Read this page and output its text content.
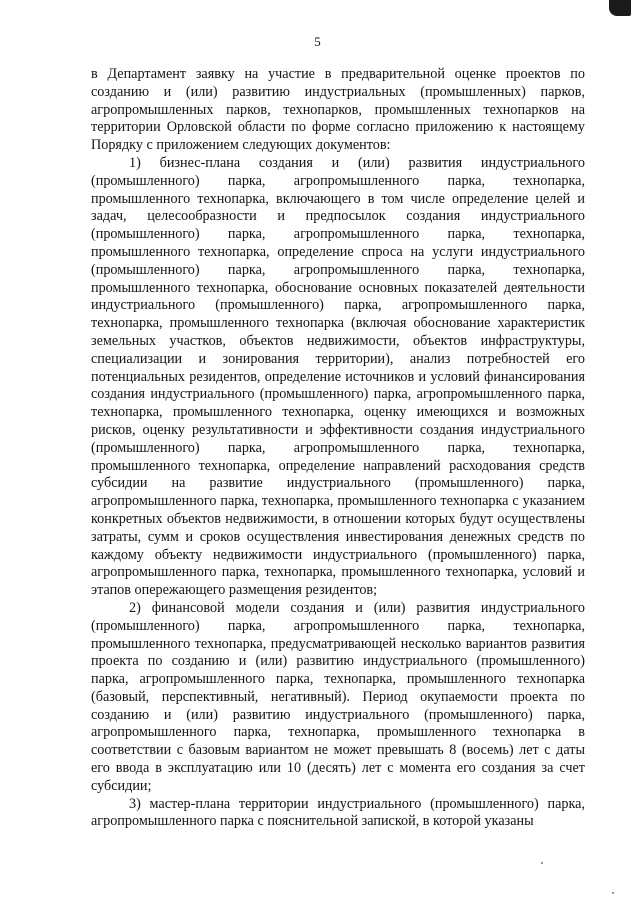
5

в Департамент заявку на участие в предварительной оценке проектов по созданию и (или) развитию индустриальных (промышленных) парков, агропромышленных парков, технопарков, промышленных технопарков на территории Орловской области по форме согласно приложению к настоящему Порядку с приложением следующих документов:

1) бизнес-плана создания и (или) развития индустриального (промышленного) парка, агропромышленного парка, технопарка, промышленного технопарка, включающего в том числе определение целей и задач, целесообразности и предпосылок создания индустриального (промышленного) парка, агропромышленного парка, технопарка, промышленного технопарка, определение спроса на услуги индустриального (промышленного) парка, агропромышленного парка, технопарка, промышленного технопарка, обоснование основных показателей деятельности индустриального (промышленного) парка, агропромышленного парка, технопарка, промышленного технопарка (включая обоснование характеристик земельных участков, объектов недвижимости, объектов инфраструктуры, специализации и зонирования территории), анализ потребностей его потенциальных резидентов, определение источников и условий финансирования создания индустриального (промышленного) парка, агропромышленного парка, технопарка, промышленного технопарка, оценку имеющихся и возможных рисков, оценку результативности и эффективности создания индустриального (промышленного) парка, агропромышленного парка, технопарка, промышленного технопарка, определение направлений расходования средств субсидии на развитие индустриального (промышленного) парка, агропромышленного парка, технопарка, промышленного технопарка с указанием конкретных объектов недвижимости, в отношении которых будут осуществлены затраты, сумм и сроков осуществления инвестирования денежных средств по каждому объекту недвижимости индустриального (промышленного) парка, агропромышленного парка, технопарка, промышленного технопарка, условий и этапов опережающего размещения резидентов;

2) финансовой модели создания и (или) развития индустриального (промышленного) парка, агропромышленного парка, технопарка, промышленного технопарка, предусматривающей несколько вариантов развития проекта по созданию и (или) развитию индустриального (промышленного) парка, агропромышленного парка, технопарка, промышленного технопарка (базовый, перспективный, негативный). Период окупаемости проекта по созданию и (или) развитию индустриального (промышленного) парка, агропромышленного парка, технопарка, промышленного технопарка в соответствии с базовым вариантом не может превышать 8 (восемь) лет с даты его ввода в эксплуатацию или 10 (десять) лет с момента его создания за счет субсидии;

3) мастер-плана территории индустриального (промышленного) парка, агропромышленного парка с пояснительной запиской, в которой указаны
